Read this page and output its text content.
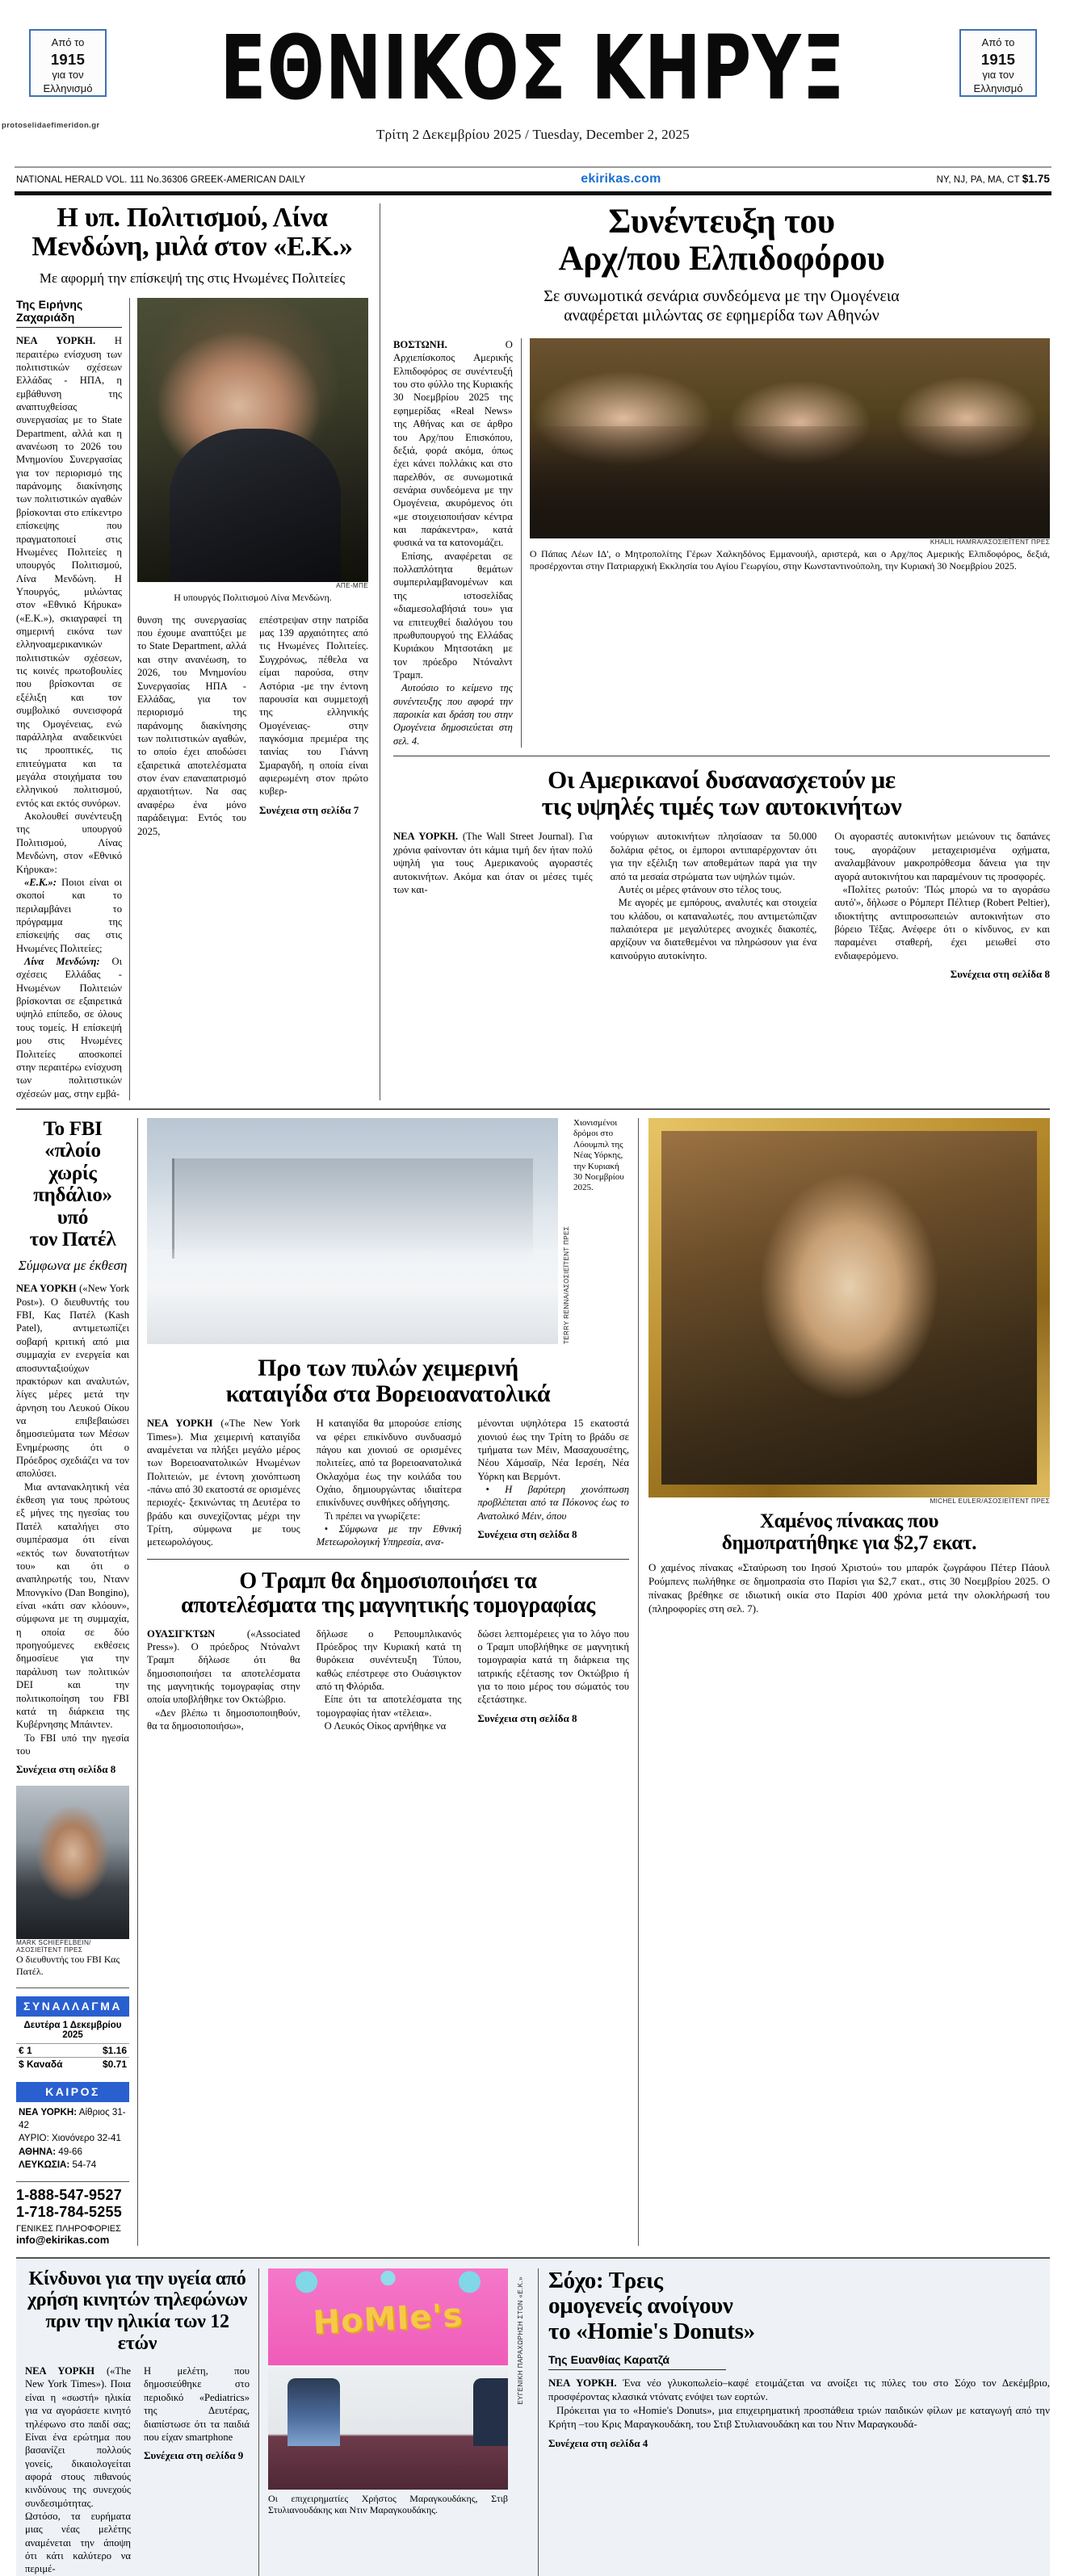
Από το
1915
για τον
Ελληνισμό
Από το
1915
για τον
Ελληνισμό
ΕΘΝΙΚΟΣ ΚΗΡΥΞ
Τρίτη 2 Δεκεμβρίου 2025 / Tuesday, December 2, 2025
NATIONAL HERALD VOL. 111 No.36306 GREEK-AMERICAN DAILY	ekirikas.com	NY, NJ, PA, MA, CT $1.75
protoselidaefimeridon.gr
Η υπ. Πολιτισμού, Λίνα
Μενδώνη, μιλά στον «Ε.Κ.»
Με αφορμή την επίσκεψή της στις Ηνωμένες Πολιτείες
Της Ειρήνης Ζαχαριάδη

ΝΕΑ ΥΟΡΚΗ. Η περαιτέρω ενίσχυση των πολιτιστικών σχέσεων Ελλάδας - ΗΠΑ, η εμβάθυνση της αναπτυχθείσας συνεργασίας με το State Department, αλλά και η ανανέωση το 2026 του Μνημονίου Συνεργασίας για τον περιορισμό της παράνομης διακίνησης των πολιτιστικών αγαθών βρίσκονται στο επίκεντρο επίσκεψης που πραγματοποιεί στις Ηνωμένες Πολιτείες η υπουργός Πολιτισμού, Λίνα Μενδώνη. Η Υπουργός, μιλώντας στον «Εθνικό Κήρυκα» («Ε.Κ.»), σκιαγραφεί τη σημερινή εικόνα των ελληνοαμερικανικών πολιτιστικών σχέσεων, τις κοινές πρωτοβουλίες που βρίσκονται σε εξέλιξη και τον συμβολικό συνεισφορά της Ομογένειας, ενώ παράλληλα αναδεικνύει τις προοπτικές, τις επιτεύγματα και τα μεγάλα στοιχήματα του ελληνικού πολιτισμού, εντός και εκτός συνόρων.

Ακολουθεί συνέντευξη της υπουργού Πολιτισμού, Λίνας Μενδώνη, στον «Εθνικό Κήρυκα»:

«Ε.Κ.»: Ποιοι είναι οι σκοποί και το περιλαμβάνει το πρόγραμμα της επίσκεψής σας στις Ηνωμένες Πολιτείες;

Λίνα Μενδώνη: Οι σχέσεις Ελλάδας - Ηνωμένων Πολιτειών βρίσκονται σε εξαιρετικά υψηλό επίπεδο, σε όλους τους τομείς. Η επίσκεψή μου στις Ηνωμένες Πολιτείες αποσκοπεί στην περαιτέρω ενίσχυση των πολιτιστικών σχέσεών μας, στην εμβά-

ΑΠΕ-ΜΠΕ
Η υπουργός Πολιτισμού Λίνα Μενδώνη.

θυνση της συνεργασίας που έχουμε αναπτύξει με το State Department, αλλά και στην ανανέωση, το 2026, του Μνημονίου Συνεργασίας ΗΠΑ - Ελλάδας, για τον περιορισμό της παράνομης διακίνησης των πολιτιστικών αγαθών, το οποίο έχει αποδώσει εξαιρετικά αποτελέσματα στον έναν επαναπατρισμό αρχαιοτήτων. Να σας αναφέρω ένα μόνο παράδειγμα: Εντός του 2025,

επέστρεψαν στην πατρίδα μας 139 αρχαιότητες από τις Ηνωμένες Πολιτείες. Συγχρόνως, πέθελα να είμαι παρούσα, στην Αστόρια -με την έντονη παρουσία και συμμετοχή της ελληνικής Ομογένειας- στην παγκόσμια πρεμιέρα της ταινίας του Γιάννη Σμαραγδή, η οποία είναι αφιερωμένη στον πρώτο κυβερ-

Συνέχεια στη σελίδα 7
Συνέντευξη του
Αρχ/που Ελπιδοφόρου
Σε συνωμοτικά σενάρια συνδεόμενα με την Ομογένεια
αναφέρεται μιλώντας σε εφημερίδα των Αθηνών

ΒΟΣΤΩΝΗ. Ο Αρχιεπίσκοπος Αμερικής Ελπιδοφόρος σε συνέντευξή του στο φύλλο της Κυριακής 30 Νοεμβρίου 2025 της εφημερίδας «Real News» της Αθήνας και σε άρθρο του Αρχ/που Επισκόπου, δεξιά, φορά ακόμα, όπως έχει κάνει πολλάκις και στο παρελθόν, σε συνωμοτικά σενάρια συνδεόμενα με την Ομογένεια, ακυρόμενος ότι «με στοιχειοποιήσαν κέντρα και παράκεντρα», κατά φυσικά να τα κατονομάζει.

Επίσης, αναφέρεται σε πολλαπλότητα θεμάτων συμπεριλαμβανομένων και της ιστοσελίδας «διαμεσολαβήσιά του» για να επιτευχθεί διαλόγου του πρωθυπουργού της Ελλάδας Κυριάκου Μητσοτάκη με τον πρόεδρο Ντόναλντ Τραμπ.

Αυτούσιο το κείμενο της συνέντευξης που αφορά την παροικία και δράση του στην Ομογένεια δημοσιεύεται στη σελ. 4.

KHALIL HAMRA/ΑΣΟΣΙΕΪΤΕΝΤ ΠΡΕΣ
Ο Πάπας Λέων ΙΔ', ο Μητροπολίτης Γέρων Χαλκηδόνος Εμμανουήλ, αριστερά, και ο Αρχ/πος Αμερικής Ελπιδοφόρος, δεξιά, προσέρχονται στην Πατριαρχική Εκκλησία του Αγίου Γεωργίου, στην Κωνσταντινούπολη, την Κυριακή 30 Νοεμβρίου 2025.
Οι Αμερικανοί δυσανασχετούν με
τις υψηλές τιμές των αυτοκινήτων

ΝΕΑ ΥΟΡΚΗ. (The Wall Street Journal). Για χρόνια φαίνονταν ότι κάμια τιμή δεν ήταν πολύ υψηλή για τους Αμερικανούς αγοραστές αυτοκινήτων. Ακόμα και όταν οι μέσες τιμές των και-

νούργιων αυτοκινήτων πλησίασαν τα 50.000 δολάρια φέτος, οι έμποροι αντιπαρέρχονταν ότι για την εξέλιξη των αποθεμάτων παρά για την από τα μεσαία στρώματα των υψηλών τιμών.

Αυτές οι μέρες φτάνουν στο τέλος τους.

Με αγορές με εμπόρους, αναλυτές και στοιχεία του κλάδου, οι καταναλωτές, που αντιμετώπιζαν παλαιότερα με μεγαλύτερες ανοχικές διακοπές, αρχίζουν να διατεθεμένοι να πληρώσουν για ένα καινούργιο αυτοκίνητο.

Οι αγοραστές αυτοκινήτων μειώνουν τις δαπάνες τους, αγοράζουν μεταχειρισμένα οχήματα, αναλαμβάνουν μακροπρόθεσμα δάνεια για την αγορά αυτοκινήτου και παραμένουν τις προσφορές.

«Πολίτες ρωτούν: 'Πώς μπορώ να το αγοράσω αυτό'», δήλωσε ο Ρόμπερτ Πέλτιερ (Robert Peltier), ιδιοκτήτης αντιπροσωπειών αυτοκινήτων στο βόρειο Τέξας. Ανέφερε ότι ο κίνδυνος, εν και παραμένει σταθερή, έχει μειωθεί στο ενδιαφερόμενο.

Συνέχεια στη σελίδα 8
Το FBI «πλοίο
χωρίς
πηδάλιο» υπό
τον Πατέλ
Σύμφωνα με έκθεση

ΝΕΑ ΥΟΡΚΗ («New York Post»). Ο διευθυντής του FBI, Κας Πατέλ (Kash Patel), αντιμετωπίζει σοβαρή κριτική από μια συμμαχία εν ενεργεία και αποσυνταξιούχων πρακτόρων και αναλυτών, λίγες μέρες μετά την άρνηση του Λευκού Οίκου να επιβεβαιώσει δημοσιεύματα των Μέσων Ενημέρωσης ότι ο Πρόεδρος σχεδιάζει να τον απολύσει.

Μια αντανακλητική νέα έκθεση για τους πρώτους εξ μήνες της ηγεσίας του Πατέλ καταλήγει στο συμπέρασμα ότι είναι «εκτός των δυνατοτήτων του» και ότι ο αναπληρωτής του, Ντανν Μπονγκίνο (Dan Bongino), είναι «κάτι σαν κλόουν», σύμφωνα με τη συμμαχία, η οποία σε δύο προηγούμενες εκθέσεις δημοσίευε για την παράλυση των πολιτικών DEI και την πολιτικοποίηση του FBI κατά τη διάρκεια της Κυβέρνησης Μπάιντεν.

Το FBI υπό την ηγεσία του

Συνέχεια στη σελίδα 8
MARK SCHIEFELBEIN/ΑΣΟΣΙΕΪΤΕΝΤ ΠΡΕΣ
Ο διευθυντής του FBI Κας Πατέλ.
ΣΥΝΑΛΛΑΓΜΑ
Δευτέρα 1 Δεκεμβρίου 2025
€ 1	$1.16
$ Καναδά	$0.71
ΚΑΙΡΟΣ
ΝΕΑ ΥΟΡΚΗ: Αίθριος 31-42
ΑΥΡΙΟ: Χιονόνερο 32-41
ΑΘΗΝΑ: 49-66
ΛΕΥΚΩΣΙΑ: 54-74
1-888-547-9527
1-718-784-5255
ΓΕΝΙΚΕΣ ΠΛΗΡΟΦΟΡΙΕΣ
info@ekirikas.com
TERRY RENNA/ΑΣΟΣΙΕΪΤΕΝΤ ΠΡΕΣ
Χιονισμένοι δρόμοι στο Λόουμπιλ της Νέας Υόρκης, την Κυριακή 30 Νοεμβρίου 2025.
Προ των πυλών χειμερινή
καταιγίδα στα Βορειοανατολικά

ΝΕΑ ΥΟΡΚΗ («The New York Times»). Μια χειμερινή καταιγίδα αναμένεται να πλήξει μεγάλο μέρος των Βορειοανατολικών Ηνωμένων Πολιτειών, με έντονη χιονόπτωση -πάνω από 30 εκατοστά σε ορισμένες περιοχές- ξεκινώντας τη Δευτέρα το βράδυ και συνεχίζοντας μέχρι την Τρίτη, σύμφωνα με τους μετεωρολόγους.

Η καταιγίδα θα μπορούσε επίσης να φέρει επικίνδυνο συνδυασμό πάγου και χιονιού σε ορισμένες πολιτείες, από τα βορειοανατολικά Οκλαχόμα έως την κοιλάδα του Οχάιο, δημιουργώντας ιδιαίτερα επικίνδυνες συνθήκες οδήγησης.

Τι πρέπει να γνωρίζετε:

• Σύμφωνα με την Εθνική Μετεωρολογική Υπηρεσία, ανα-

μένονται υψηλότερα 15 εκατοστά χιονιού έως την Τρίτη το βράδυ σε τμήματα των Μέιν, Μασαχουσέτης, Νέου Χάμσαϊρ, Νέα Ιερσέη, Νέα Υόρκη και Βερμόντ.

• Η βαρύτερη χιονόπτωση προβλέπεται από τα Πόκονος έως το Ανατολικό Μέιν, όπου

Συνέχεια στη σελίδα 8
Ο Τραμπ θα δημοσιοποιήσει τα
αποτελέσματα της μαγνητικής τομογραφίας

ΟΥΑΣΙΓΚΤΩΝ («Associated Press»). Ο πρόεδρος Ντόναλντ Τραμπ δήλωσε ότι θα δημοσιοποιήσει τα αποτελέσματα της μαγνητικής τομογραφίας στην οποία υποβλήθηκε τον Οκτώβριο.

«Δεν βλέπω τι δημοσιοποιηθούν, θα τα δημοσιοποιήσω»,

δήλωσε ο Ρεπουμπλικανός Πρόεδρος την Κυριακή κατά τη θυρόκεια συνέντευξη Τύπου, καθώς επέστρεφε στο Ουάσιγκτον από τη Φλόριδα.

Είπε ότι τα αποτελέσματα της τομογραφίας ήταν «τέλεια».

Ο Λευκός Οίκος αρνήθηκε να

δώσει λεπτομέρειες για το λόγο που ο Τραμπ υποβλήθηκε σε μαγνητική τομογραφία κατά τη διάρκεια της ιατρικής εξέτασης τον Οκτώβριο ή για το ποιο μέρος του σώματός του εξετάστηκε.

Συνέχεια στη σελίδα 8
MICHEL EULER/ΑΣΟΣΙΕΪΤΕΝΤ ΠΡΕΣ
Χαμένος πίνακας που
δημοπρατήθηκε για $2,7 εκατ.

Ο χαμένος πίνακας «Σταύρωση του Ιησού Χριστού» του μπαρόκ ζωγράφου Πέτερ Πάουλ Ρούμπενς πωλήθηκε σε δημοπρασία στο Παρίσι για $2,7 εκατ., στις 30 Νοεμβρίου 2025. Ο πίνακας βρέθηκε σε ιδιωτική οικία στο Παρίσι 400 χρόνια μετά την ολοκλήρωσή του (πληροφορίες στη σελ. 7).

Κίνδυνοι για την υγεία από
χρήση κινητών τηλεφώνων
πριν την ηλικία των 12 ετών

ΝΕΑ ΥΟΡΚΗ («The New York Times»). Ποια είναι η «σωστή» ηλικία για να αγοράσετε κινητό τηλέφωνο στο παιδί σας; Είναι ένα ερώτημα που βασανίζει πολλούς γονείς, δικαιολογείται αφορά στους πιθανούς κινδύνους της συνεχούς συνδεσιμότητας. Ωστόσο, τα ευρήματα μιας νέας μελέτης αναμένεται την άποψη ότι κάτι καλύτερο να περιμέ-

Η μελέτη, που δημοσιεύθηκε στο περιοδικό «Pediatrics» της Δευτέρας, διαπίστωσε ότι τα παιδιά που είχαν smartphone

Συνέχεια στη σελίδα 9
HoMIe's
Οι επιχειρηματίες Χρήστος Μαραγκουδάκης, Στιβ Στυλιανουδάκης και Ντιν Μαραγκουδάκης.
ΕΥΓΕΝΙΚΗ ΠΑΡΑΧΩΡΗΣΗ ΣΤΟΝ «Ε.Κ.» Σόχο: Τρεις
ομογενείς ανοίγουν
το «Homie's Donuts»
Της Ευανθίας Καρατζά

ΝΕΑ ΥΟΡΚΗ. Ένα νέο γλυκοπωλείο–καφέ ετοιμάζεται να ανοίξει τις πύλες του στο Σόχο τον Δεκέμβριο, προσφέροντας κλασικά ντόνατς ενόψει των εορτών.

Πρόκειται για το «Homie's Donuts», μια επιχειρηματική προσπάθεια τριών παιδικών φίλων με καταγωγή από την Κρήτη –του Κρις Μαραγκουδάκη, του Στιβ Στυλιανουδάκη και του Ντιν Μαραγκουδά-

Συνέχεια στη σελίδα 4
